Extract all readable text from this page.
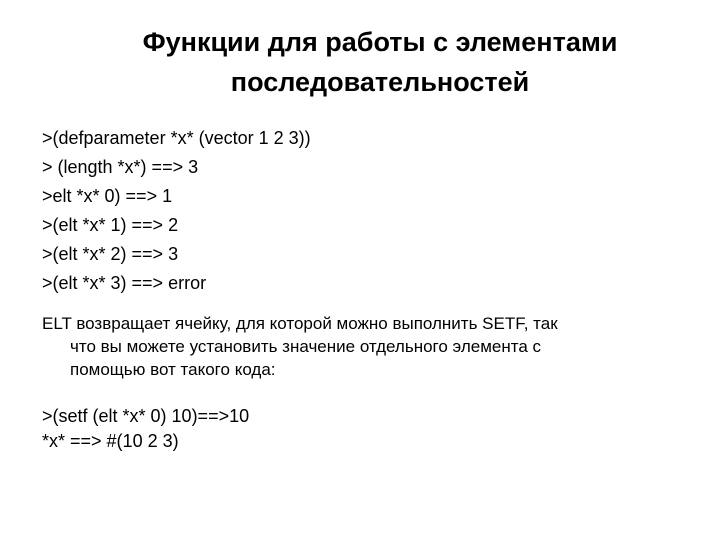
Функции для работы с элементами
последовательностей
>(defparameter *x* (vector 1 2 3))
> (length *x*) ==> 3
>elt *x* 0) ==> 1
>(elt *x* 1) ==> 2
>(elt *x* 2) ==> 3
>(elt *x* 3) ==> error
ELT возвращает ячейку, для которой можно выполнить SETF, так
что вы можете установить значение отдельного элемента с
помощью вот такого кода:
>(setf (elt *x* 0) 10)==>10
*x* ==> #(10 2 3)
